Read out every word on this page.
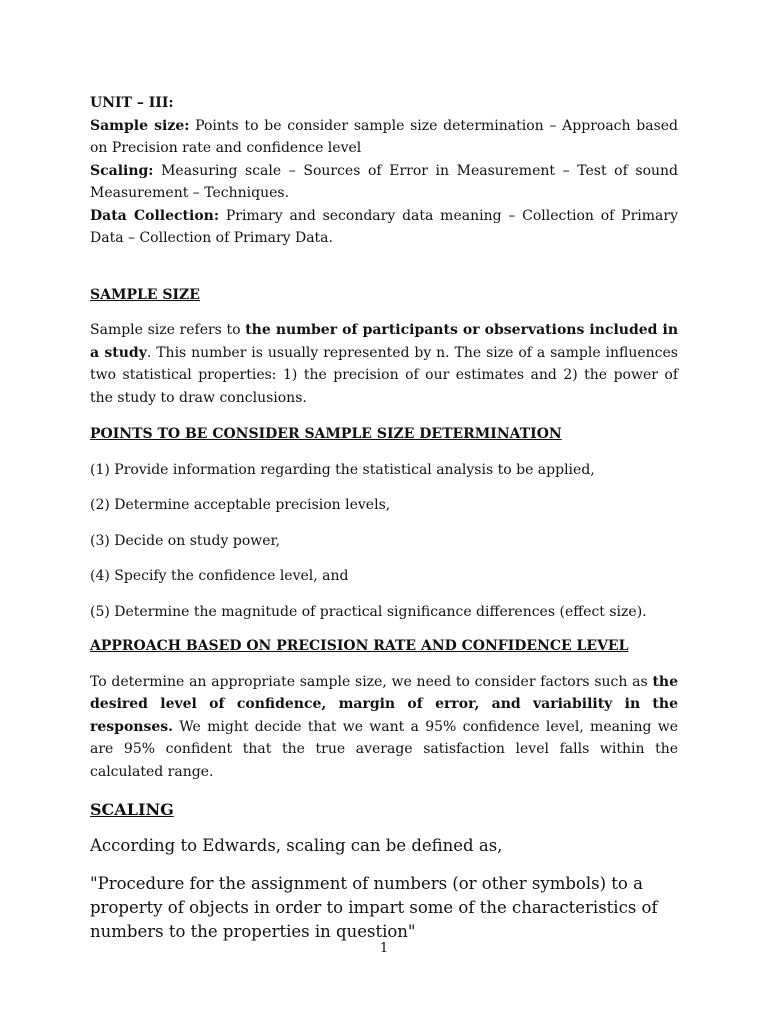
UNIT – III:

Sample size: Points to be consider sample size determination – Approach based on Precision rate and confidence level

Scaling: Measuring scale – Sources of Error in Measurement – Test of sound Measurement – Techniques.

Data Collection: Primary and secondary data meaning – Collection of Primary Data – Collection of Primary Data.

SAMPLE SIZE

Sample size refers to the number of participants or observations included in a study. This number is usually represented by n. The size of a sample influences two statistical properties: 1) the precision of our estimates and 2) the power of the study to draw conclusions.

POINTS TO BE CONSIDER SAMPLE SIZE DETERMINATION

(1) Provide information regarding the statistical analysis to be applied,

(2) Determine acceptable precision levels,

(3) Decide on study power,

(4) Specify the confidence level, and

(5) Determine the magnitude of practical significance differences (effect size).

APPROACH BASED ON PRECISION RATE AND CONFIDENCE LEVEL

To determine an appropriate sample size, we need to consider factors such as the desired level of confidence, margin of error, and variability in the responses. We might decide that we want a 95% confidence level, meaning we are 95% confident that the true average satisfaction level falls within the calculated range.

SCALING

According to Edwards, scaling can be defined as,

"Procedure for the assignment of numbers (or other symbols) to a property of objects in order to impart some of the characteristics of numbers to the properties in question"

1
